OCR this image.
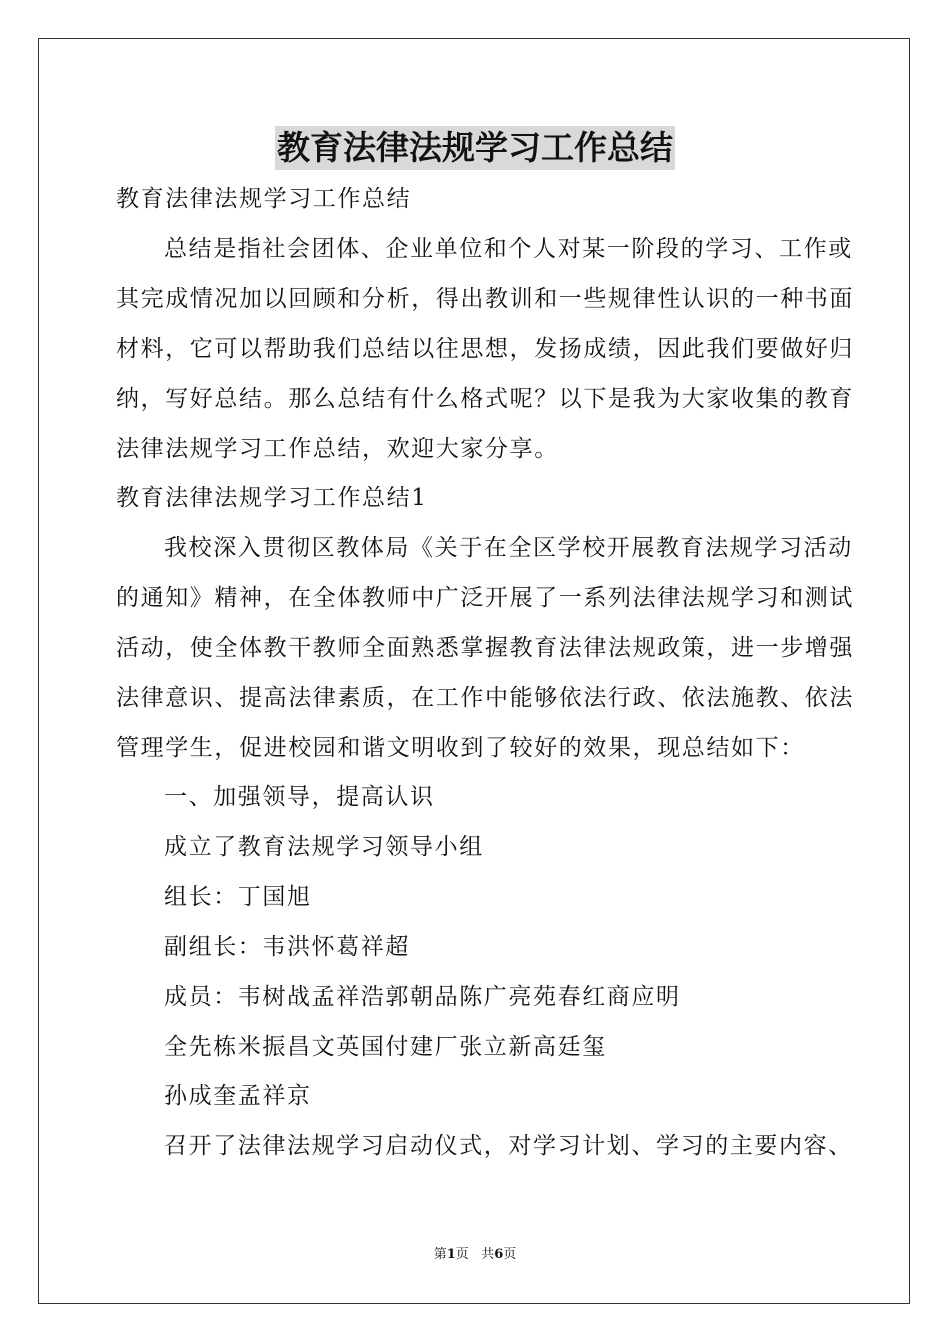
教育法律法规学习工作总结
教育法律法规学习工作总结
总结是指社会团体、企业单位和个人对某一阶段的学习、工作或
其完成情况加以回顾和分析，得出教训和一些规律性认识的一种书面
材料，它可以帮助我们总结以往思想，发扬成绩，因此我们要做好归
纳，写好总结。那么总结有什么格式呢？以下是我为大家收集的教育
法律法规学习工作总结，欢迎大家分享。
教育法律法规学习工作总结1
我校深入贯彻区教体局《关于在全区学校开展教育法规学习活动
的通知》精神，在全体教师中广泛开展了一系列法律法规学习和测试
活动，使全体教干教师全面熟悉掌握教育法律法规政策，进一步增强
法律意识、提高法律素质，在工作中能够依法行政、依法施教、依法
管理学生，促进校园和谐文明收到了较好的效果，现总结如下：
一、加强领导，提高认识
成立了教育法规学习领导小组
组长：丁国旭
副组长：韦洪怀葛祥超
成员：韦树战孟祥浩郭朝品陈广亮苑春红商应明
全先栋米振昌文英国付建厂张立新高廷玺
孙成奎孟祥京
召开了法律法规学习启动仪式，对学习计划、学习的主要内容、
第1页 共6页
